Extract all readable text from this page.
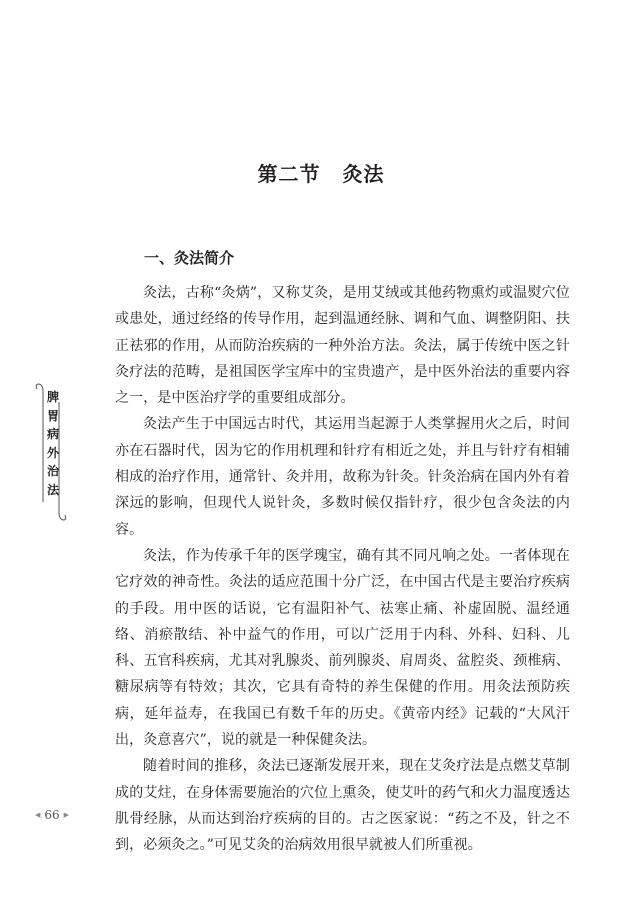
第二节 灸法
一、灸法简介

灸法，古称“灸焫”，又称艾灸，是用艾绒或其他药物熏灼或温熨穴位或患处，通过经络的传导作用，起到温通经脉、调和气血、调整阴阳、扶正祛邪的作用，从而防治疾病的一种外治方法。灸法，属于传统中医之针灸疗法的范畴，是祖国医学宝库中的宝贵遗产，是中医外治法的重要内容之一，是中医治疗学的重要组成部分。

灸法产生于中国远古时代，其运用当起源于人类掌握用火之后，时间亦在石器时代，因为它的作用机理和针疗有相近之处，并且与针疗有相辅相成的治疗作用，通常针、灸并用，故称为针灸。针灸治病在国内外有着深远的影响，但现代人说针灸，多数时候仅指针疗，很少包含灸法的内容。

灸法，作为传承千年的医学瑰宝，确有其不同凡响之处。一者体现在它疗效的神奇性。灸法的适应范围十分广泛，在中国古代是主要治疗疾病的手段。用中医的话说，它有温阳补气、祛寒止痛、补虚固脱、温经通络、消瘀散结、补中益气的作用，可以广泛用于内科、外科、妇科、儿科、五官科疾病，尤其对乳腺炎、前列腺炎、肩周炎、盆腔炎、颈椎病、糖尿病等有特效；其次，它具有奇特的养生保健的作用。用灸法预防疾病，延年益寿，在我国已有数千年的历史。《黄帝内经》记载的“大风汗出，灸意喜穴”，说的就是一种保健灸法。

随着时间的推移，灸法已逐渐发展开来，现在艾灸疗法是点燃艾草制成的艾炷，在身体需要施治的穴位上熏灸，使艾叶的药气和火力温度透达肌骨经脉，从而达到治疗疾病的目的。古之医家说：“药之不及，针之不到，必须灸之。”可见艾灸的治病效用很早就被人们所重视。

脾
胃
病
外
治
法
◀ 66 ▶
